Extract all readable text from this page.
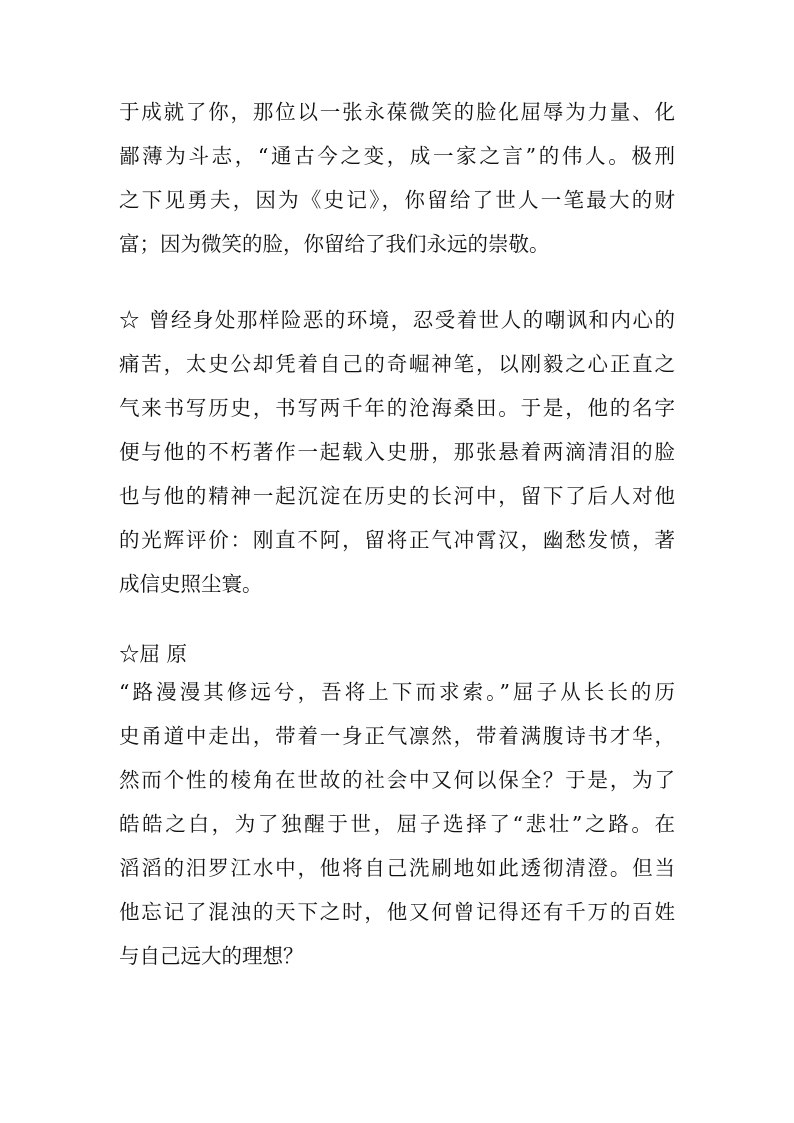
于成就了你，那位以一张永葆微笑的脸化屈辱为力量、化
鄙薄为斗志，“通古今之变，成一家之言”的伟人。极刑
之下见勇夫，因为《史记》，你留给了世人一笔最大的财
富；因为微笑的脸，你留给了我们永远的崇敬。
☆ 曾经身处那样险恶的环境，忍受着世人的嘲讽和内心的
痛苦，太史公却凭着自己的奇崛神笔，以刚毅之心正直之
气来书写历史，书写两千年的沧海桑田。于是，他的名字
便与他的不朽著作一起载入史册，那张悬着两滴清泪的脸
也与他的精神一起沉淀在历史的长河中，留下了后人对他
的光辉评价：刚直不阿，留将正气冲霄汉，幽愁发愤，著
成信史照尘寰。
☆屈 原
“路漫漫其修远兮，吾将上下而求索。”屈子从长长的历
史甬道中走出，带着一身正气凛然，带着满腹诗书才华，
然而个性的棱角在世故的社会中又何以保全？于是，为了
皓皓之白，为了独醒于世，屈子选择了“悲壮”之路。在
滔滔的汨罗江水中，他将自己洗刷地如此透彻清澄。但当
他忘记了混浊的天下之时，他又何曾记得还有千万的百姓
与自己远大的理想？
